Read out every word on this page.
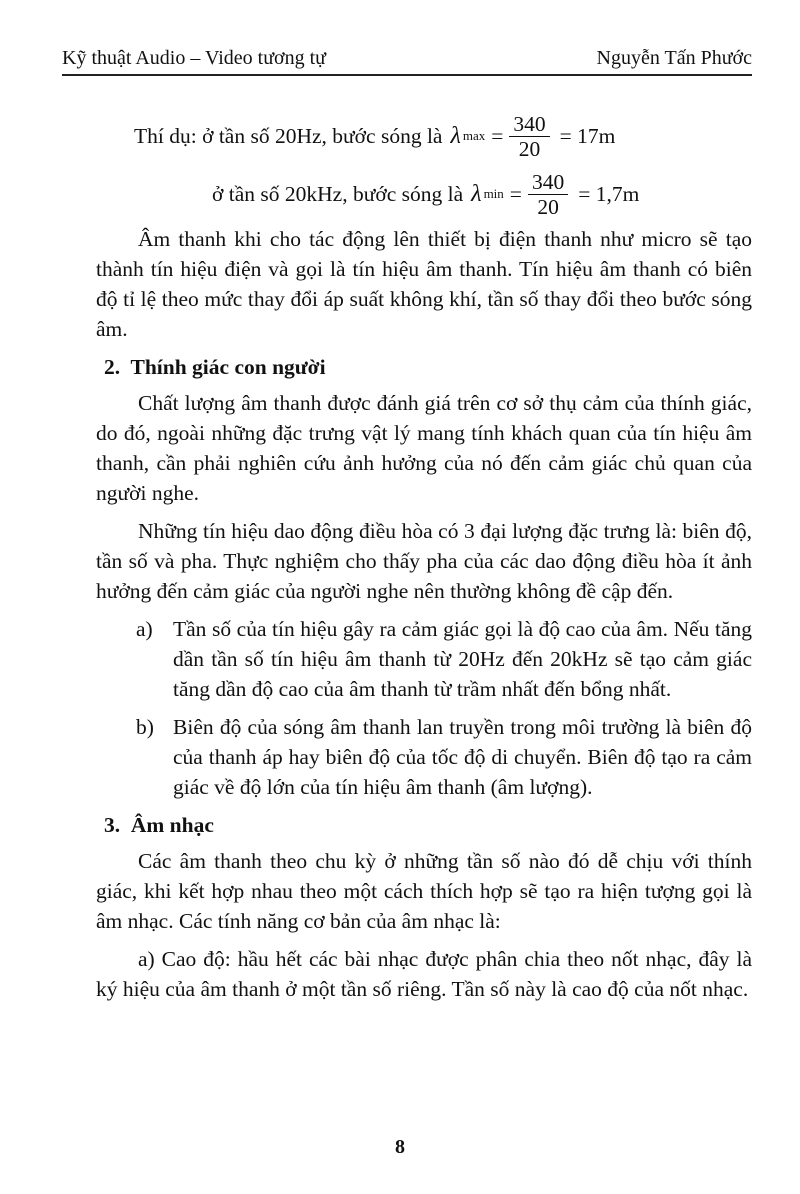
Kỹ thuật Audio – Video tương tự	Nguyễn Tấn Phước
Thí dụ: ở tần số 20Hz, bước sóng là λ $\max = \frac{340}{20} = 17m$
ở tần số 20kHz, bước sóng là λ $\min = \frac{340}{20} = 1,7m$

Âm thanh khi cho tác động lên thiết bị điện thanh như micro sẽ tạo thành tín hiệu điện và gọi là tín hiệu âm thanh. Tín hiệu âm thanh có biên độ tỉ lệ theo mức thay đổi áp suất không khí, tần số thay đổi theo bước sóng âm.

2. Thính giác con người

Chất lượng âm thanh được đánh giá trên cơ sở thụ cảm của thính giác, do đó, ngoài những đặc trưng vật lý mang tính khách quan của tín hiệu âm thanh, cần phải nghiên cứu ảnh hưởng của nó đến cảm giác chủ quan của người nghe.

Những tín hiệu dao động điều hòa có 3 đại lượng đặc trưng là: biên độ, tần số và pha. Thực nghiệm cho thấy pha của các dao động điều hòa ít ảnh hưởng đến cảm giác của người nghe nên thường không đề cập đến.

a) Tần số của tín hiệu gây ra cảm giác gọi là độ cao của âm. Nếu tăng dần tần số tín hiệu âm thanh từ 20Hz đến 20kHz sẽ tạo cảm giác tăng dần độ cao của âm thanh từ trầm nhất đến bổng nhất.
b) Biên độ của sóng âm thanh lan truyền trong môi trường là biên độ của thanh áp hay biên độ của tốc độ di chuyển. Biên độ tạo ra cảm giác về độ lớn của tín hiệu âm thanh (âm lượng).
3. Âm nhạc

Các âm thanh theo chu kỳ ở những tần số nào đó dễ chịu với thính giác, khi kết hợp nhau theo một cách thích hợp sẽ tạo ra hiện tượng gọi là âm nhạc. Các tính năng cơ bản của âm nhạc là:

a) Cao độ: hầu hết các bài nhạc được phân chia theo nốt nhạc, đây là ký hiệu của âm thanh ở một tần số riêng. Tần số này là cao độ của nốt nhạc.

8
